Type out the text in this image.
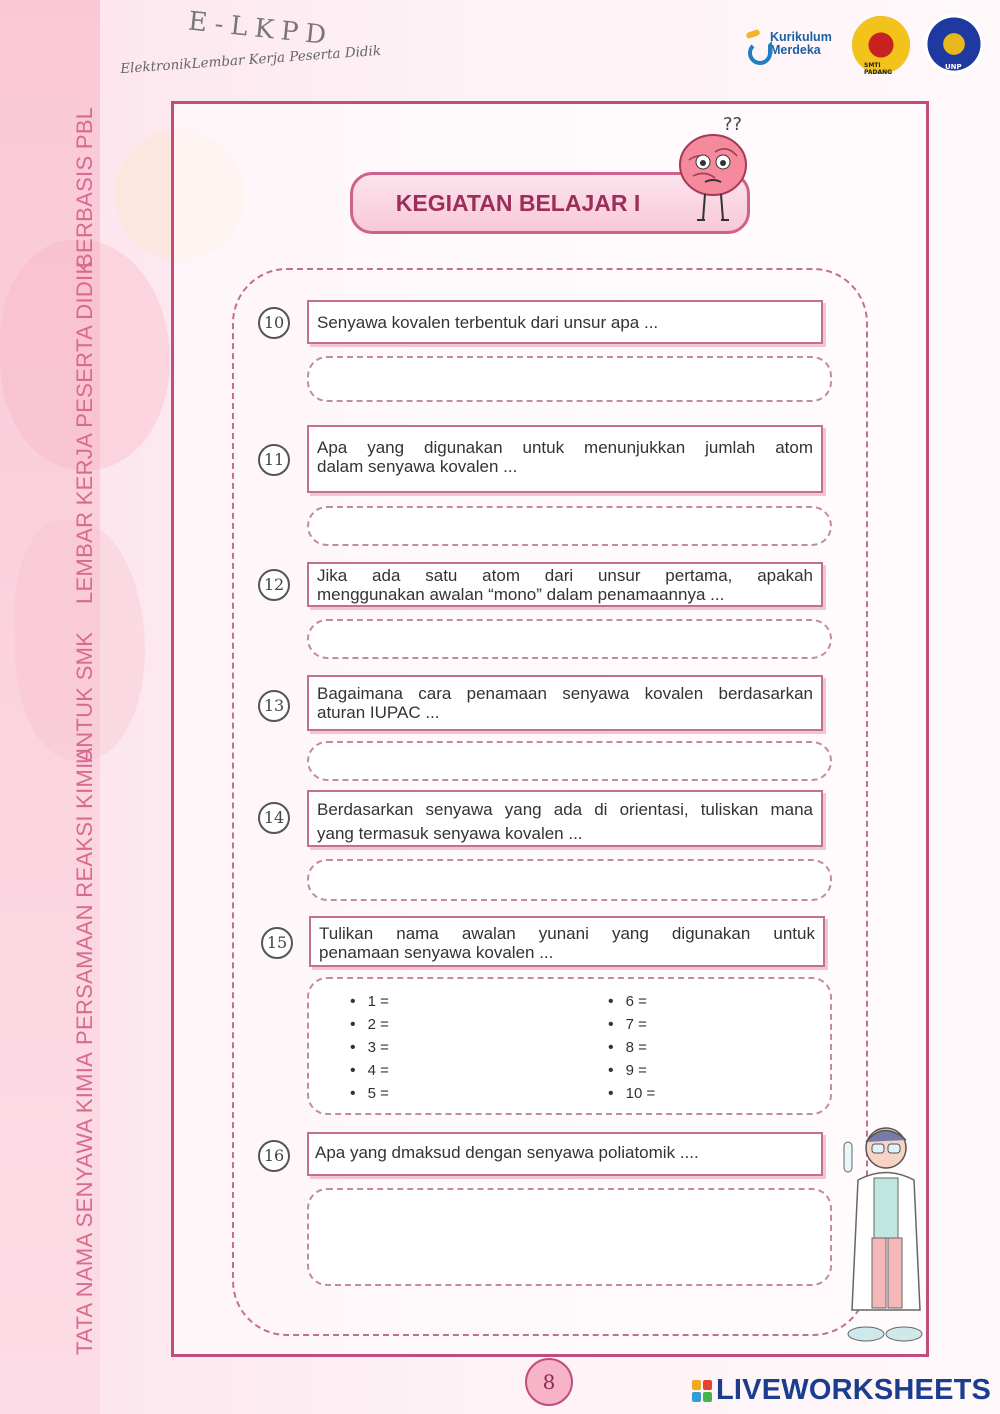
TATA NAMA SENYAWA KIMIA
PERSAMAAN REAKSI KIMIA
UNTUK SMK
LEMBAR KERJA PESERTA DIDIK
BERBASIS PBL
E-LKPD
ElektronikLembar Kerja Peserta Didik
Kurikulum
Merdeka
SMTI PADANG
UNP
KEGIATAN BELAJAR I
??
10	Senyawa kovalen terbentuk dari unsur apa ...
11
Apa yang digunakan untuk menunjukkan jumlah atom
dalam senyawa kovalen ...
12	Jika ada satu atom dari unsur pertama, apakah
menggunakan awalan “mono” dalam penamaannya ...
13
Bagaimana cara penamaan senyawa kovalen berdasarkan
aturan IUPAC ...
14	Berdasarkan senyawa yang ada di orientasi, tuliskan mana
yang termasuk senyawa kovalen ...
15	Tulikan nama awalan yunani yang digunakan untuk
penamaan senyawa kovalen ...
• 1 =
• 2 =
• 3 =
• 4 =
• 5 =
• 6 =
• 7 =
• 8 =
• 9 =
• 10 =
16	Apa yang dmaksud dengan senyawa poliatomik ....
8	LIVEWORKSHEETS
